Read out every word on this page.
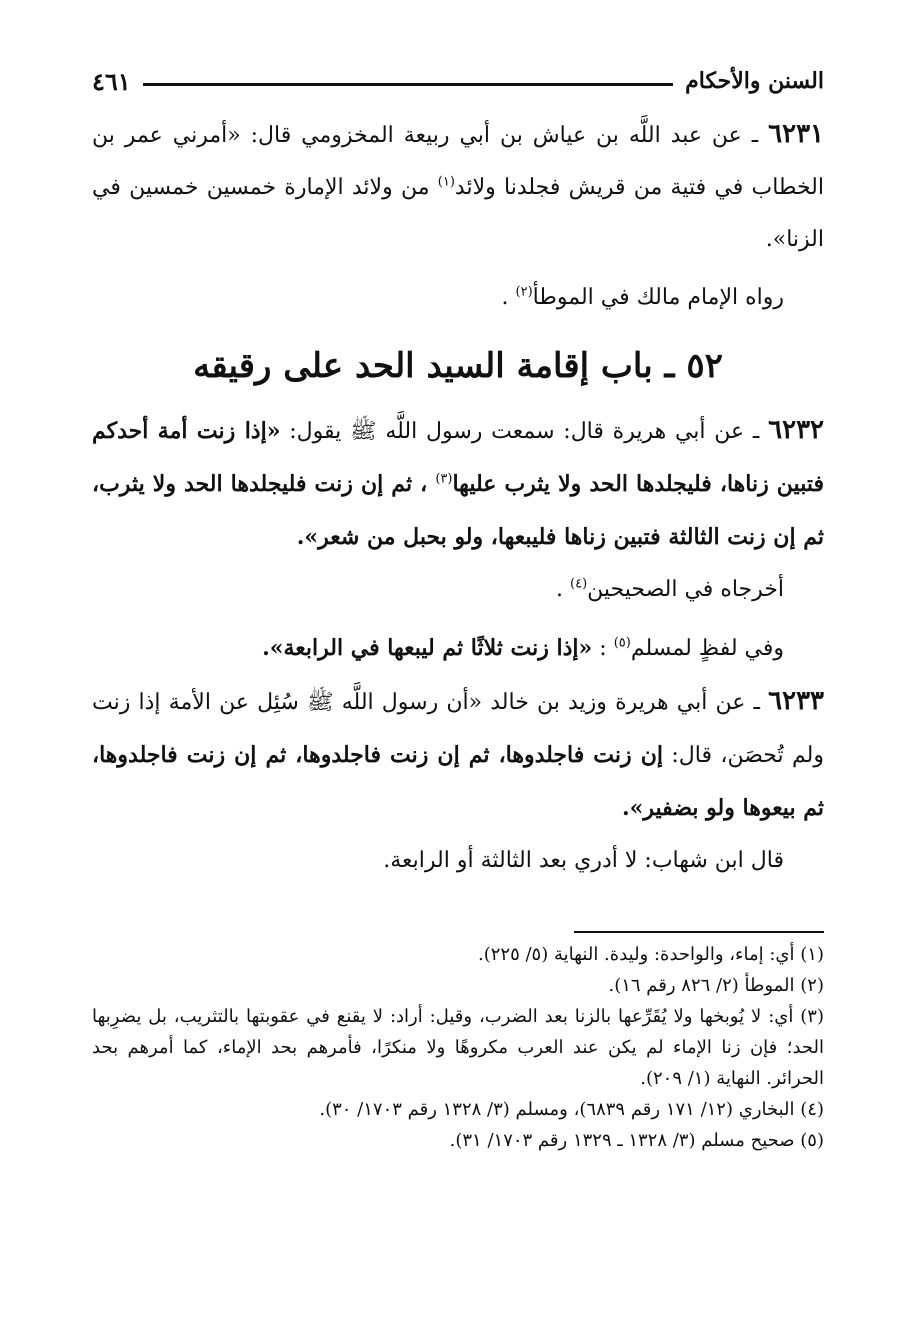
السنن والأحكام
٤٦١

٦٢٣١ ـ عن عبد اللَّه بن عياش بن أبي ربيعة المخزومي قال: «أمرني عمر بن الخطاب في فتية من قريش فجلدنا ولائد$^{(١)}$ من ولائد الإمارة خمسين خمسين في الزنا».

رواه الإمام مالك في الموطأ$^{(٢)}$ .

٥٢ ـ باب إقامة السيد الحد على رقيقه

٦٢٣٢ ـ عن أبي هريرة قال: سمعت رسول اللَّه ﷺ يقول: «إذا زنت أمة أحدكم فتبين زناها، فليجلدها الحد ولا يثرب عليها$^{(٣)}$ ، ثم إن زنت فليجلدها الحد ولا يثرب، ثم إن زنت الثالثة فتبين زناها فليبعها، ولو بحبل من شعر».

أخرجاه في الصحيحين$^{(٤)}$ .

وفي لفظٍ لمسلم$^{(٥)}$ : «إذا زنت ثلاثًا ثم ليبعها في الرابعة».

٦٢٣٣ ـ عن أبي هريرة وزيد بن خالد «أن رسول اللَّه ﷺ سُئِل عن الأمة إذا زنت ولم تُحصَن، قال: إن زنت فاجلدوها، ثم إن زنت فاجلدوها، ثم إن زنت فاجلدوها، ثم بيعوها ولو بضفير».

قال ابن شهاب: لا أدري بعد الثالثة أو الرابعة.

(١) أي: إماء، والواحدة: وليدة. النهاية (٥/ ٢٢٥).

(٢) الموطأ (٢/ ٨٢٦ رقم ١٦).

(٣) أي: لا يُوبخها ولا يُقَرِّعها بالزنا بعد الضرب، وقيل: أراد: لا يقنع في عقوبتها بالتثريب، بل يضرِبها الحد؛ فإن زنا الإماء لم يكن عند العرب مكروهًا ولا منكرًا، فأمرهم بحد الإماء، كما أمرهم بحد الحرائر. النهاية (١/ ٢٠٩).

(٤) البخاري (١٢/ ١٧١ رقم ٦٨٣٩)، ومسلم (٣/ ١٣٢٨ رقم ١٧٠٣/ ٣٠).

(٥) صحيح مسلم (٣/ ١٣٢٨ ـ ١٣٢٩ رقم ١٧٠٣/ ٣١).
